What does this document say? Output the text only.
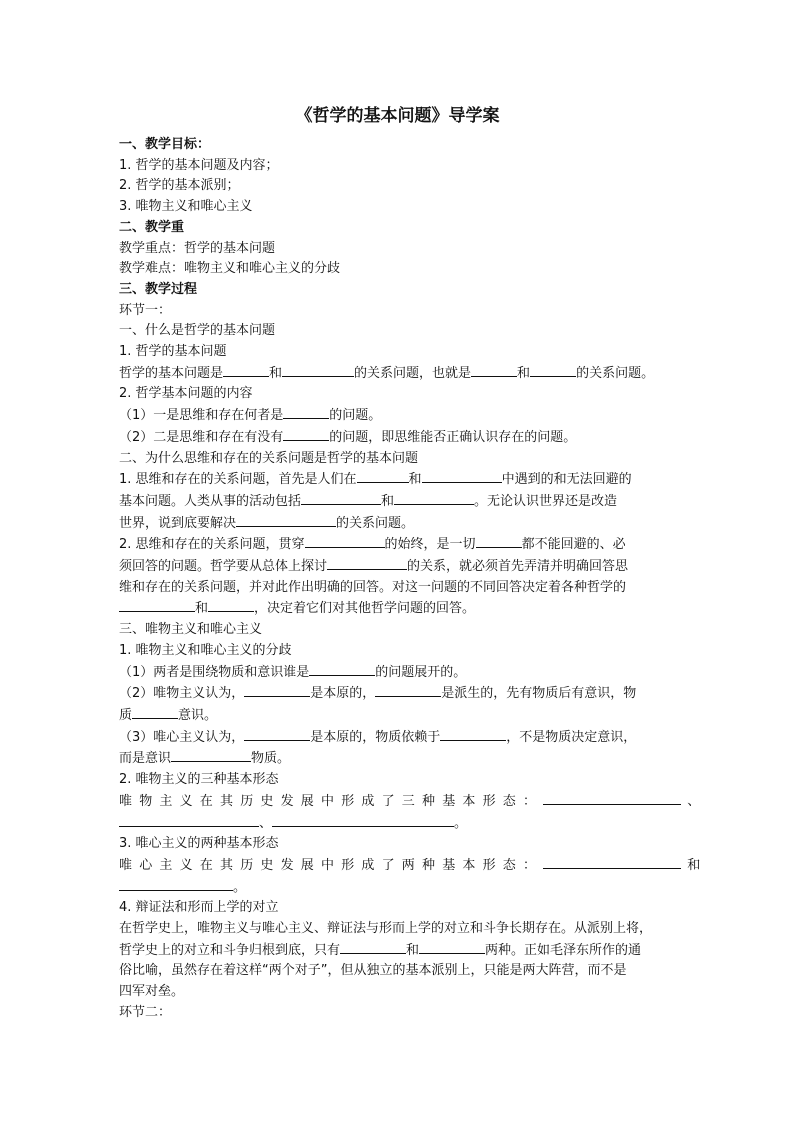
《哲学的基本问题》导学案
一、教学目标：
1. 哲学的基本问题及内容；
2. 哲学的基本派别；
3. 唯物主义和唯心主义
二、教学重
教学重点：哲学的基本问题
教学难点：唯物主义和唯心主义的分歧
三、教学过程
环节一：
一、什么是哲学的基本问题
1. 哲学的基本问题
哲学的基本问题是	和	的关系问题，也就是	和	的关系问题。
2. 哲学基本问题的内容
（1）一是思维和存在何者是	的问题。
（2）二是思维和存在有没有	的问题，即思维能否正确认识存在的问题。
二、为什么思维和存在的关系问题是哲学的基本问题
1. 思维和存在的关系问题，首先是人们在	和	中遇到的和无法回避的
基本问题。人类从事的活动包括	和	。无论认识世界还是改造
世界，说到底要解决	的关系问题。
2. 思维和存在的关系问题，贯穿	的始终，是一切	都不能回避的、必
须回答的问题。哲学要从总体上探讨	的关系，就必须首先弄清并明确回答思
维和存在的关系问题，并对此作出明确的回答。对这一问题的不同回答决定着各种哲学的
和	，决定着它们对其他哲学问题的回答。
三、唯物主义和唯心主义
1. 唯物主义和唯心主义的分歧
（1）两者是围绕物质和意识谁是	的问题展开的。
（2）唯物主义认为，	是本原的，	是派生的，先有物质后有意识，物
质	意识。
（3）唯心主义认为，	是本原的，物质依赖于	，不是物质决定意识，
而是意识	物质。
2. 唯物主义的三种基本形态
唯物主义在其历史发展中形成了三种基本形态：	、
、	。
3. 唯心主义的两种基本形态
唯心主义在其历史发展中形成了两种基本形态：	和
。
4. 辩证法和形而上学的对立
在哲学史上，唯物主义与唯心主义、辩证法与形而上学的对立和斗争长期存在。从派别上将，
哲学史上的对立和斗争归根到底，只有	和	两种。正如毛泽东所作的通
俗比喻，虽然存在着这样“两个对子”，但从独立的基本派别上，只能是两大阵营，而不是
四军对垒。
环节二：
